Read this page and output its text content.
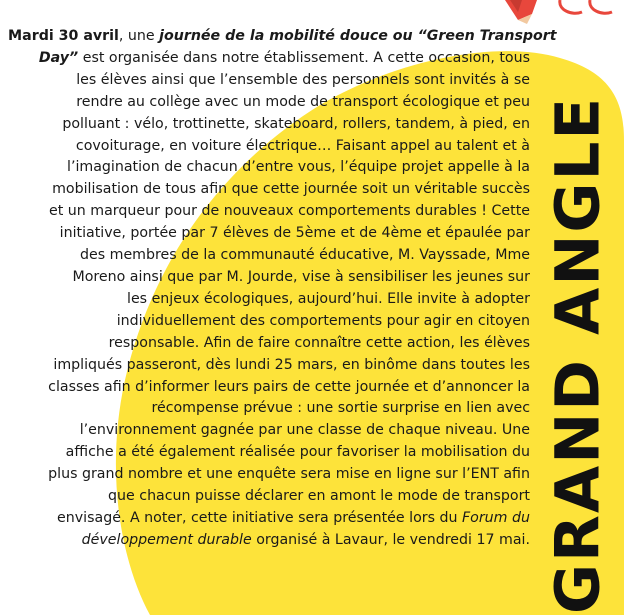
Mardi 30 avril, une journée de la mobilité douce ou “Green Transport
Day” est organisée dans notre établissement. A cette occasion, tous
les élèves ainsi que l’ensemble des personnels sont invités à se
rendre au collège avec un mode de transport écologique et peu
polluant : vélo, trottinette, skateboard, rollers, tandem, à pied, en
covoiturage, en voiture électrique… Faisant appel au talent et à
l’imagination de chacun d’entre vous, l’équipe projet appelle à la
mobilisation de tous afin que cette journée soit un véritable succès
et un marqueur pour de nouveaux comportements durables ! Cette
initiative, portée par 7 élèves de 5ème et de 4ème et épaulée par
des membres de la communauté éducative, M. Vayssade, Mme
Moreno ainsi que par M. Jourde, vise à sensibiliser les jeunes sur
les enjeux écologiques, aujourd’hui. Elle invite à adopter
individuellement des comportements pour agir en citoyen
responsable. Afin de faire connaître cette action, les élèves
impliqués passeront, dès lundi 25 mars, en binôme dans toutes les
classes afin d’informer leurs pairs de cette journée et d’annoncer la
récompense prévue : une sortie surprise en lien avec
l’environnement gagnée par une classe de chaque niveau. Une
affiche a été également réalisée pour favoriser la mobilisation du
plus grand nombre et une enquête sera mise en ligne sur l’ENT afin
que chacun puisse déclarer en amont le mode de transport
envisagé. A noter, cette initiative sera présentée lors du Forum du
développement durable organisé à Lavaur, le vendredi 17 mai. GRAND ANGLE
